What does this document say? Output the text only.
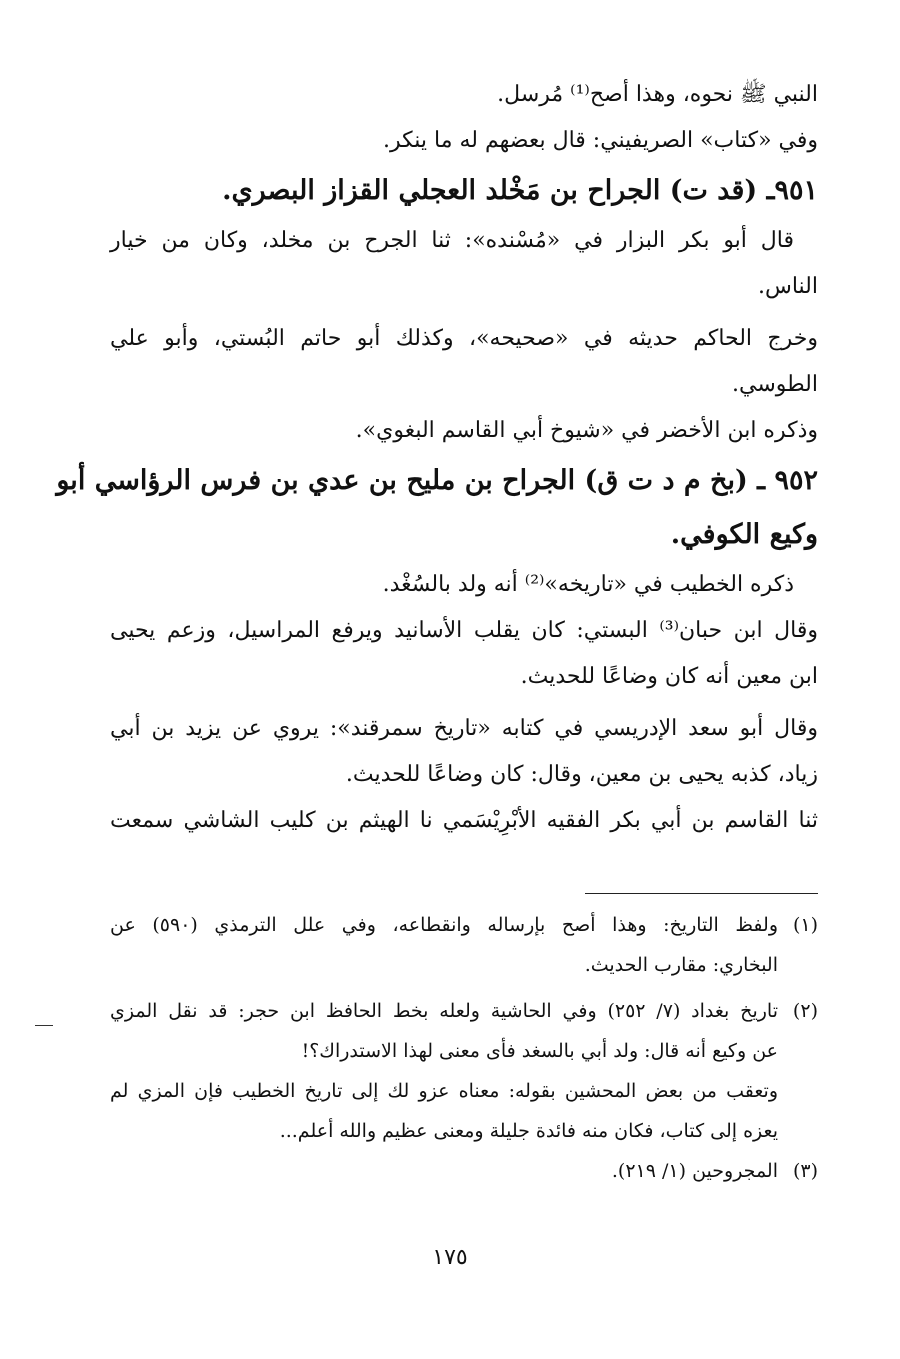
النبي ﷺ نحوه، وهذا أصح⁽¹⁾ مُرسل.
وفي «كتاب» الصريفيني: قال بعضهم له ما ينكر.
٩٥١ـ (قد ت) الجراح بن مَخْلد العجلي القزاز البصري.
قال أبو بكر البزار في «مُسْنده»: ثنا الجرح بن مخلد، وكان من خيار
الناس.
وخرج الحاكم حديثه في «صحيحه»، وكذلك أبو حاتم البُستي، وأبو علي
الطوسي.
وذكره ابن الأخضر في «شيوخ أبي القاسم البغوي».
٩٥٢ ـ (بخ م د ت ق) الجراح بن مليح بن عدي بن فرس الرؤاسي أبو
وكيع الكوفي.
ذكره الخطيب في «تاريخه»⁽²⁾ أنه ولد بالسُغْد.
وقال ابن حبان⁽³⁾ البستي: كان يقلب الأسانيد ويرفع المراسيل، وزعم يحيى
ابن معين أنه كان وضاعًا للحديث.
وقال أبو سعد الإدريسي في كتابه «تاريخ سمرقند»: يروي عن يزيد بن أبي
زياد، كذبه يحيى بن معين، وقال: كان وضاعًا للحديث.
ثنا القاسم بن أبي بكر الفقيه الأبْرِيْسَمي نا الهيثم بن كليب الشاشي سمعت
(١)ولفظ التاريخ: وهذا أصح بإرساله وانقطاعه، وفي علل الترمذي (٥٩٠) عن
البخاري: مقارب الحديث.
(٢)تاريخ بغداد (٧/ ٢٥٢) وفي الحاشية ولعله بخط الحافظ ابن حجر: قد نقل المزي
عن وكيع أنه قال: ولد أبي بالسغد فأى معنى لهذا الاستدراك؟!
وتعقب من بعض المحشين بقوله: معناه عزو لك إلى تاريخ الخطيب فإن المزي لم
يعزه إلى كتاب، فكان منه فائدة جليلة ومعنى عظيم والله أعلم...
(٣)المجروحين (١/ ٢١٩).
١٧٥
